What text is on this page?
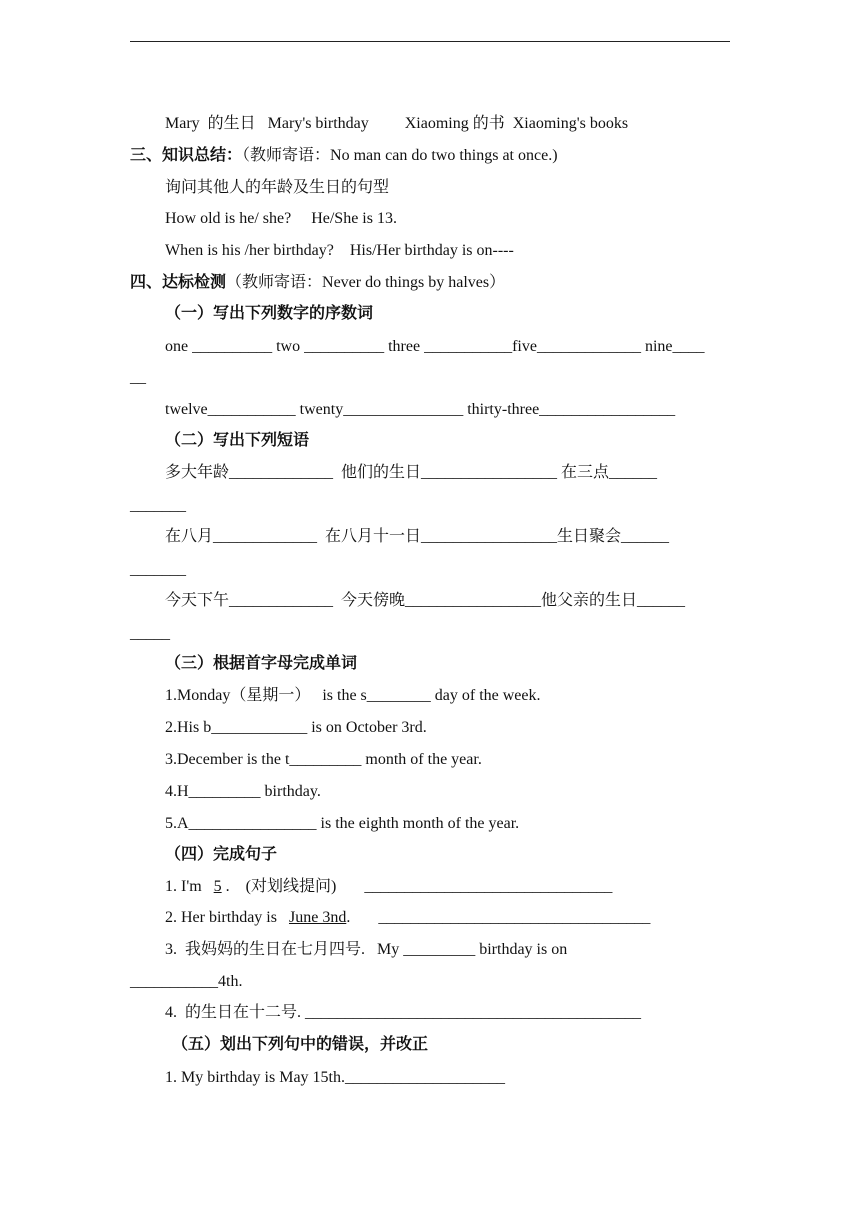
Mary  的生日   Mary's birthday         Xiaoming 的书  Xiaoming's books
三、知识总结：（教师寄语：No man can do two things at once.)
询问其他人的年龄及生日的句型
How old is he/ she?     He/She is 13.
When is his /her birthday?    His/Her birthday is on----
四、达标检测（教师寄语：Never do things by halves）
（一）写出下列数字的序数词
one __________ two __________ three ___________five_____________ nine____
__
twelve___________ twenty_______________ thirty-three_________________
（二）写出下列短语
多大年龄_____________  他们的生日_________________ 在三点______
_______
在八月_____________  在八月十一日_________________生日聚会______
_______
今天下午_____________  今天傍晚_________________他父亲的生日______
_____
（三）根据首字母完成单词
1.Monday（星期一）   is the s________ day of the week.
2.His b____________ is on October 3rd.
3.December is the t_________ month of the year.
4.H_________ birthday.
5.A________________ is the eighth month of the year.
（四）完成句子
1. I'm 5 .    (对划线提问)       _______________________________
2. Her birthday is June 3nd.       __________________________________
3.  我妈妈的生日在七月四号.   My _________ birthday is on
___________4th.
4.  的生日在十二号. __________________________________________
（五）划出下列句中的错误，并改正
1. My birthday is May 15th.____________________
